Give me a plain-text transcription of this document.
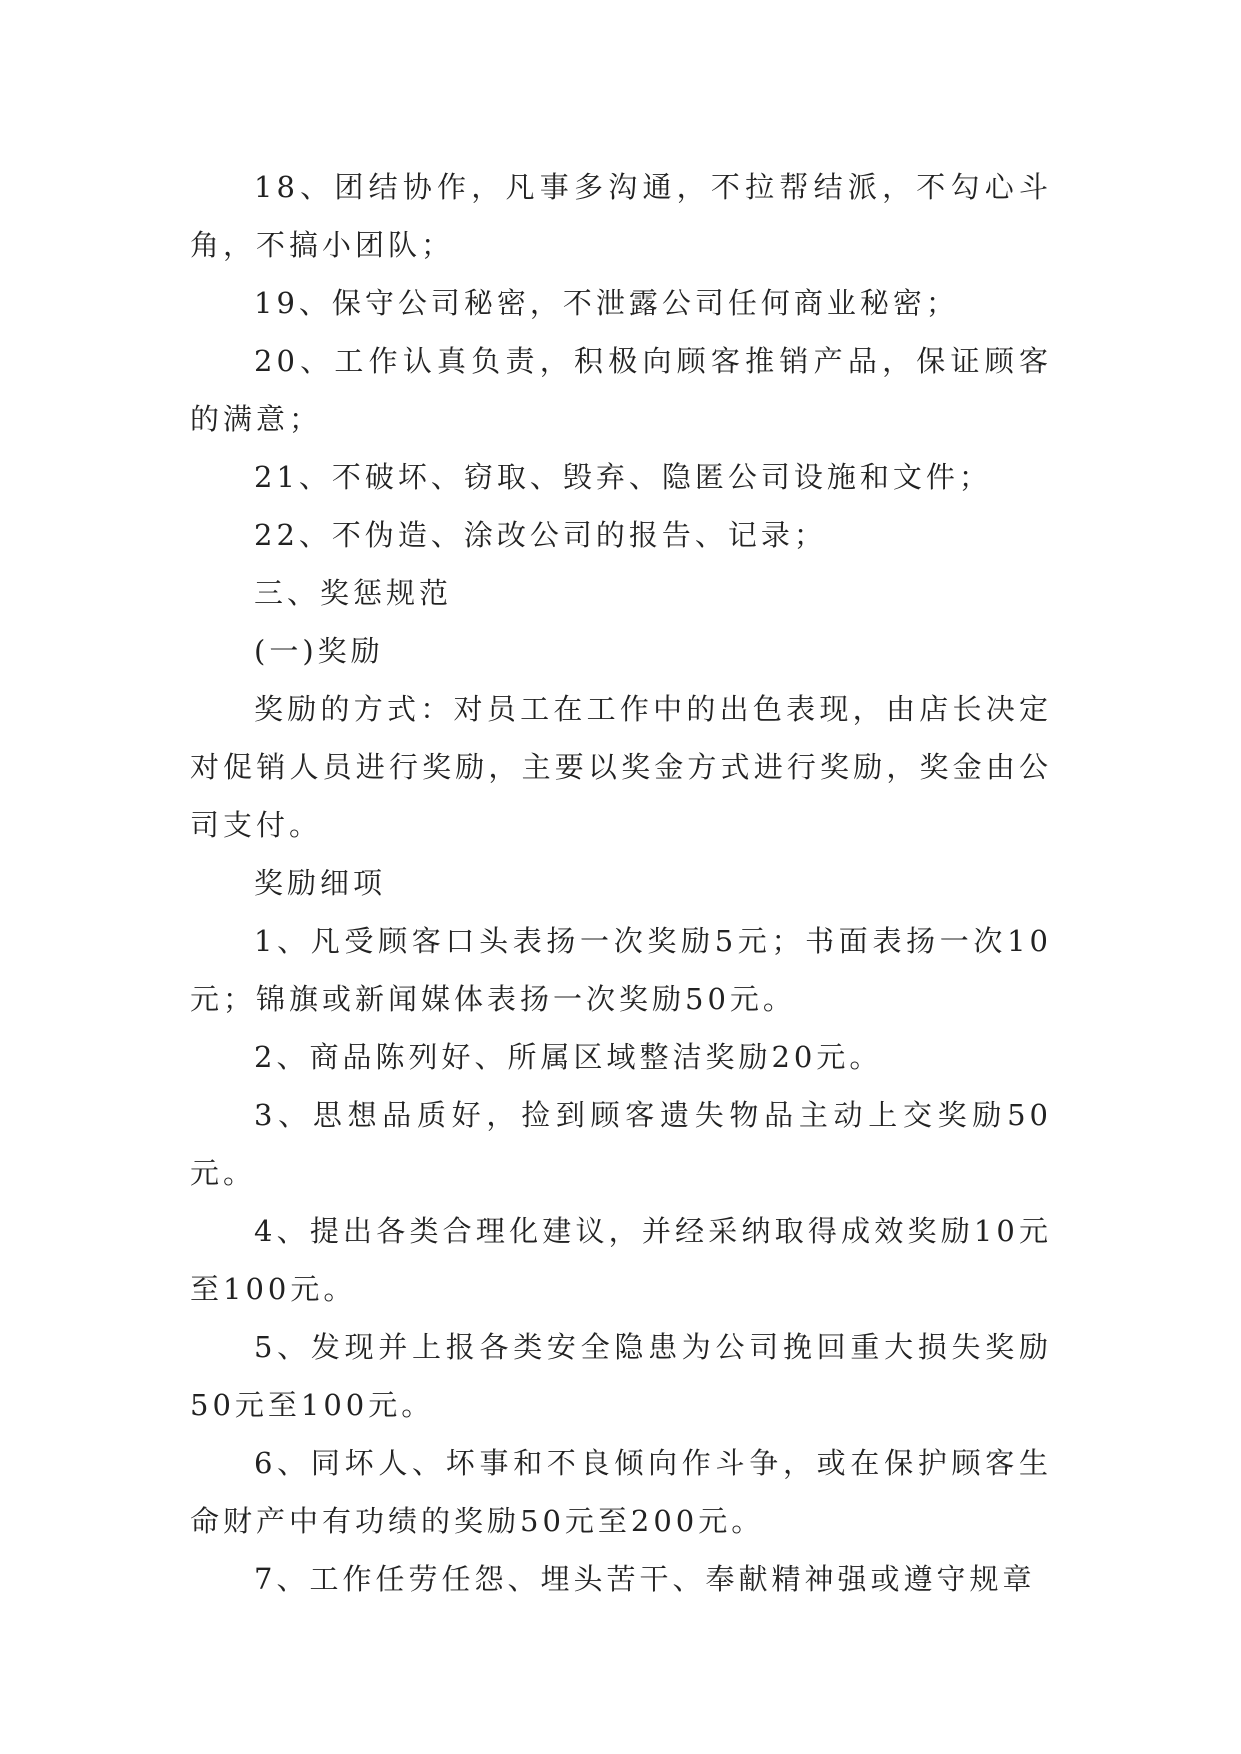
18、团结协作，凡事多沟通，不拉帮结派，不勾心斗角，不搞小团队；

19、保守公司秘密，不泄露公司任何商业秘密；

20、工作认真负责，积极向顾客推销产品，保证顾客的满意；

21、不破坏、窃取、毁弃、隐匿公司设施和文件；

22、不伪造、涂改公司的报告、记录；

三、奖惩规范

(一)奖励

奖励的方式：对员工在工作中的出色表现，由店长决定对促销人员进行奖励，主要以奖金方式进行奖励，奖金由公司支付。

奖励细项

1、凡受顾客口头表扬一次奖励5元；书面表扬一次10元；锦旗或新闻媒体表扬一次奖励50元。

2、商品陈列好、所属区域整洁奖励20元。

3、思想品质好，捡到顾客遗失物品主动上交奖励50元。

4、提出各类合理化建议，并经采纳取得成效奖励10元至100元。

5、发现并上报各类安全隐患为公司挽回重大损失奖励50元至100元。

6、同坏人、坏事和不良倾向作斗争，或在保护顾客生命财产中有功绩的奖励50元至200元。

7、工作任劳任怨、埋头苦干、奉献精神强或遵守规章
